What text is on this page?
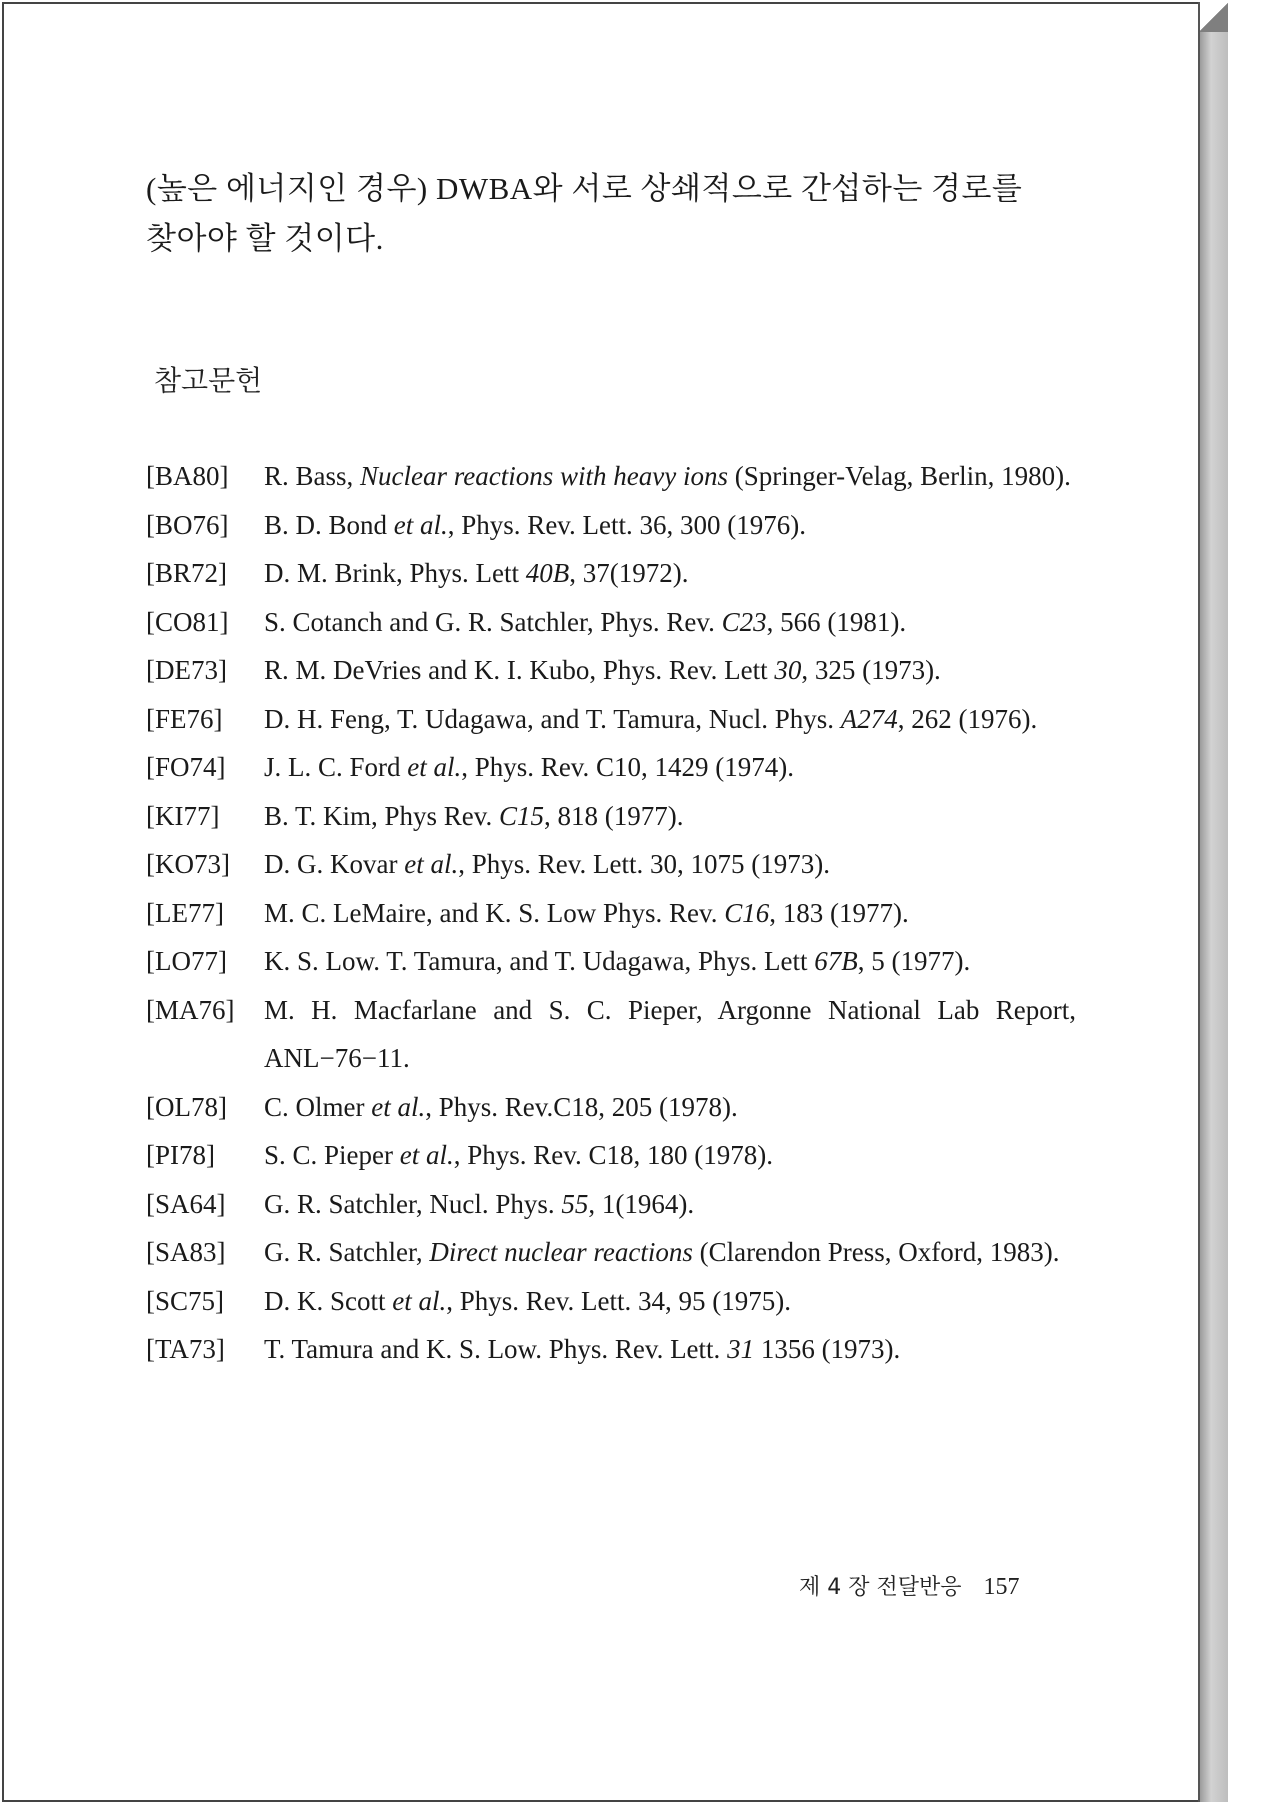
(높은 에너지인 경우) DWBA와 서로 상쇄적으로 간섭하는 경로를 찾아야 할 것이다.

참고문헌
[BA80] R. Bass, Nuclear reactions with heavy ions (Springer-Velag, Berlin, 1980).
[BO76] B. D. Bond et al., Phys. Rev. Lett. 36, 300 (1976).
[BR72] D. M. Brink, Phys. Lett 40B, 37(1972).
[CO81] S. Cotanch and G. R. Satchler, Phys. Rev. C23, 566 (1981).
[DE73] R. M. DeVries and K. I. Kubo, Phys. Rev. Lett 30, 325 (1973).
[FE76] D. H. Feng, T. Udagawa, and T. Tamura, Nucl. Phys. A274, 262 (1976).
[FO74] J. L. C. Ford et al., Phys. Rev. C10, 1429 (1974).
[KI77] B. T. Kim, Phys Rev. C15, 818 (1977).
[KO73] D. G. Kovar et al., Phys. Rev. Lett. 30, 1075 (1973).
[LE77] M. C. LeMaire, and K. S. Low Phys. Rev. C16, 183 (1977).
[LO77] K. S. Low. T. Tamura, and T. Udagawa, Phys. Lett 67B, 5 (1977).
[MA76] M. H. Macfarlane and S. C. Pieper, Argonne National Lab Report, ANL−76−11.
[OL78] C. Olmer et al., Phys. Rev.C18, 205 (1978).
[PI78] S. C. Pieper et al., Phys. Rev. C18, 180 (1978).
[SA64] G. R. Satchler, Nucl. Phys. 55, 1(1964).
[SA83] G. R. Satchler, Direct nuclear reactions (Clarendon Press, Oxford, 1983).
[SC75] D. K. Scott et al., Phys. Rev. Lett. 34, 95 (1975).
[TA73] T. Tamura and K. S. Low. Phys. Rev. Lett. 31 1356 (1973).
제 4 장 전달반응 157
